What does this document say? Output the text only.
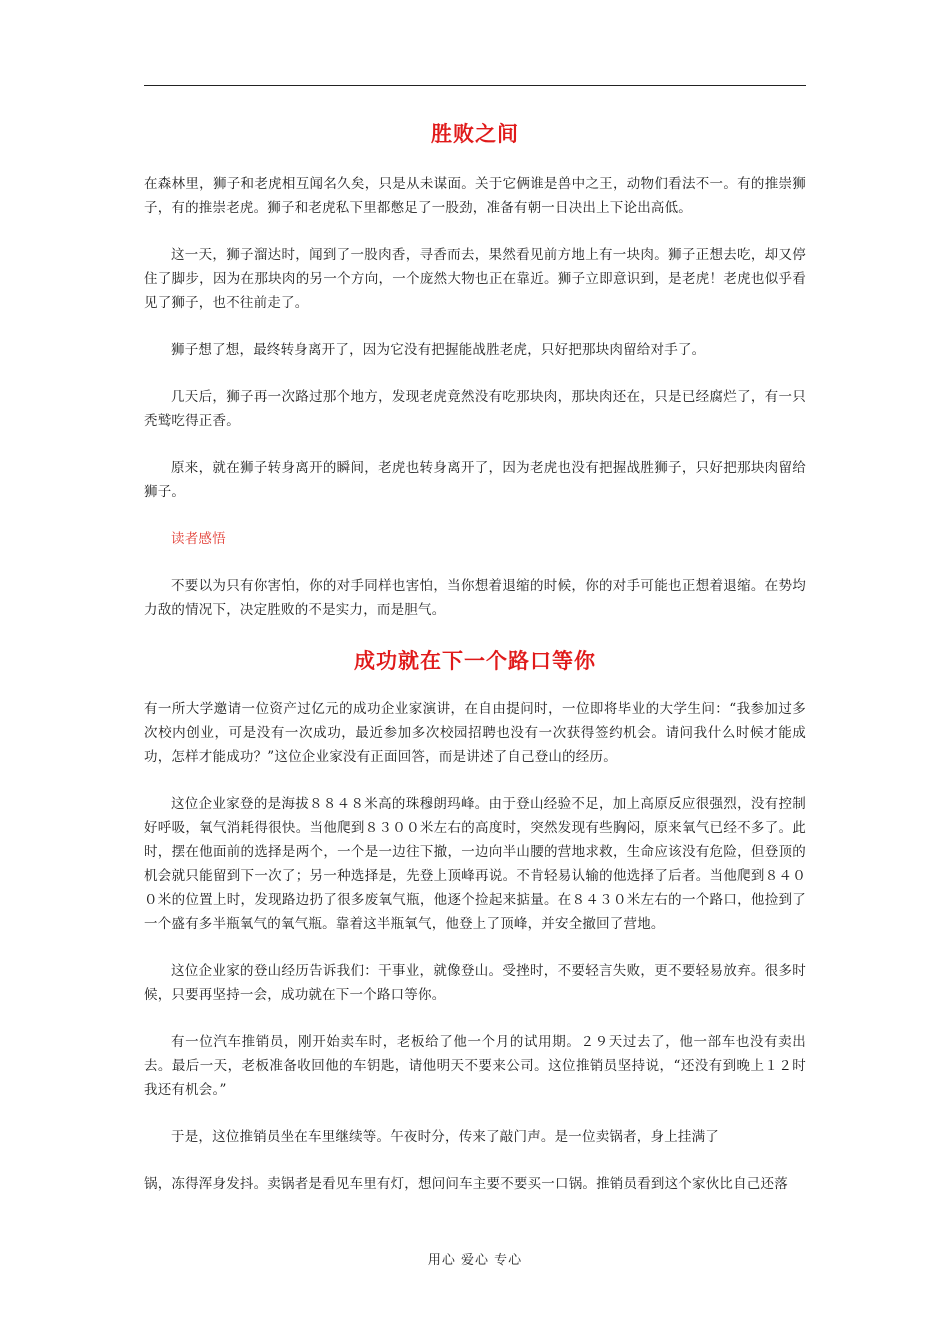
胜败之间

在森林里，狮子和老虎相互闻名久矣，只是从未谋面。关于它俩谁是兽中之王，动物们看法不一。有的推崇狮子，有的推崇老虎。狮子和老虎私下里都憋足了一股劲，准备有朝一日决出上下论出高低。

这一天，狮子溜达时，闻到了一股肉香，寻香而去，果然看见前方地上有一块肉。狮子正想去吃，却又停住了脚步，因为在那块肉的另一个方向，一个庞然大物也正在靠近。狮子立即意识到，是老虎！老虎也似乎看见了狮子，也不往前走了。

狮子想了想，最终转身离开了，因为它没有把握能战胜老虎，只好把那块肉留给对手了。

几天后，狮子再一次路过那个地方，发现老虎竟然没有吃那块肉，那块肉还在，只是已经腐烂了，有一只秃鹫吃得正香。

原来，就在狮子转身离开的瞬间，老虎也转身离开了，因为老虎也没有把握战胜狮子，只好把那块肉留给狮子。

读者感悟

不要以为只有你害怕，你的对手同样也害怕，当你想着退缩的时候，你的对手可能也正想着退缩。在势均力敌的情况下，决定胜败的不是实力，而是胆气。

成功就在下一个路口等你

有一所大学邀请一位资产过亿元的成功企业家演讲，在自由提问时，一位即将毕业的大学生问：“我参加过多次校内创业，可是没有一次成功，最近参加多次校园招聘也没有一次获得签约机会。请问我什么时候才能成功，怎样才能成功？”这位企业家没有正面回答，而是讲述了自己登山的经历。

这位企业家登的是海拔８８４８米高的珠穆朗玛峰。由于登山经验不足，加上高原反应很强烈，没有控制好呼吸，氧气消耗得很快。当他爬到８３００米左右的高度时，突然发现有些胸闷，原来氧气已经不多了。此时，摆在他面前的选择是两个，一个是一边往下撤，一边向半山腰的营地求救，生命应该没有危险，但登顶的机会就只能留到下一次了；另一种选择是，先登上顶峰再说。不肯轻易认输的他选择了后者。当他爬到８４００米的位置上时，发现路边扔了很多废氧气瓶，他逐个捡起来掂量。在８４３０米左右的一个路口，他捡到了一个盛有多半瓶氧气的氧气瓶。靠着这半瓶氧气，他登上了顶峰，并安全撤回了营地。

这位企业家的登山经历告诉我们：干事业，就像登山。受挫时，不要轻言失败，更不要轻易放弃。很多时候，只要再坚持一会，成功就在下一个路口等你。

有一位汽车推销员，刚开始卖车时，老板给了他一个月的试用期。２９天过去了，他一部车也没有卖出去。最后一天，老板准备收回他的车钥匙，请他明天不要来公司。这位推销员坚持说，“还没有到晚上１２时我还有机会。”

于是，这位推销员坐在车里继续等。午夜时分，传来了敲门声。是一位卖锅者，身上挂满了

锅，冻得浑身发抖。卖锅者是看见车里有灯，想问问车主要不要买一口锅。推销员看到这个家伙比自己还落

用心 爱心 专心
